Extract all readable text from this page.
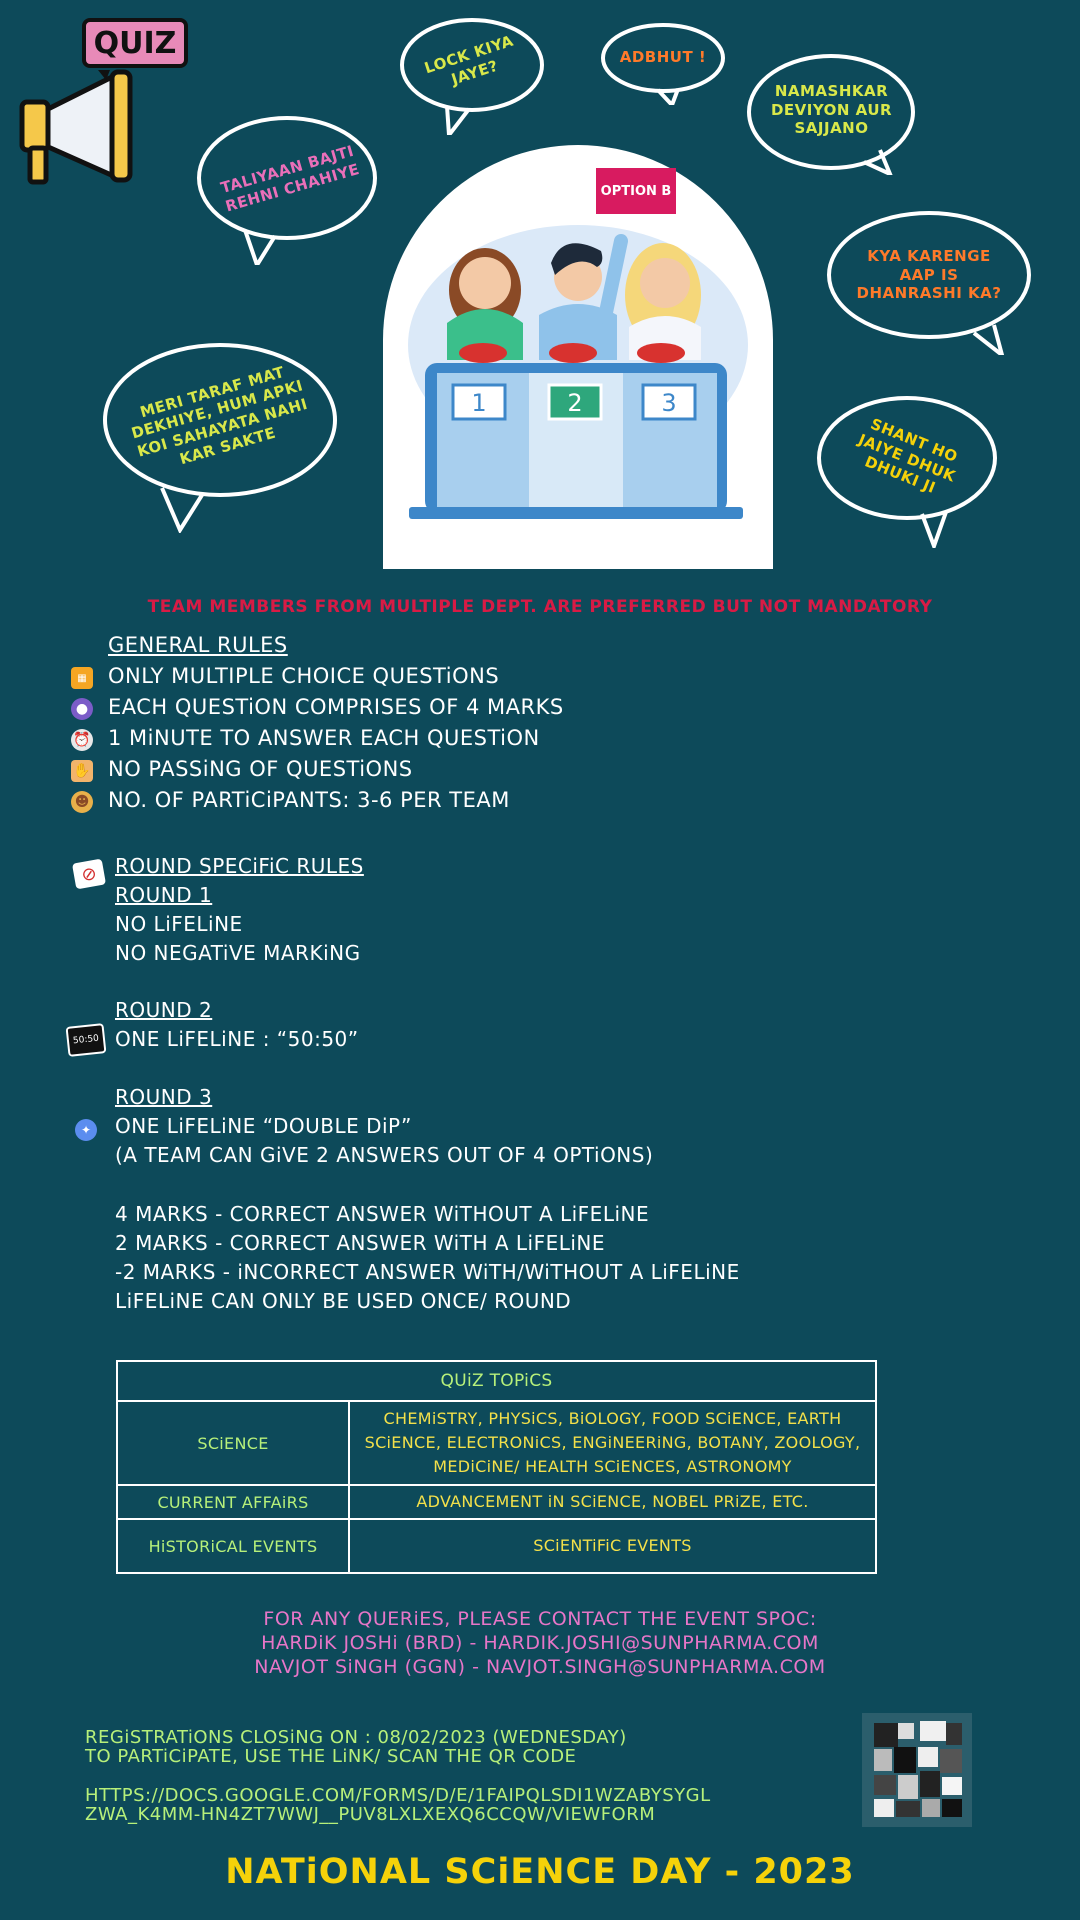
QUIZ	LOCK KIYA JAYE?	ADBHUT !
NAMASHKAR DEVIYON AUR SAJJANO
TALIYAAN BAJTI REHNI CHAHIYE
KYA KARENGE AAP IS DHANRASHI KA?
MERI TARAF MAT DEKHIYE, HUM APKI KOI SAHAYATA NAHI KAR SAKTE	SHANT HO JAIYE DHUK DHUKI JI
1	2	3
OPTION B
TEAM MEMBERS FROM MULTIPLE DEPT. ARE PREFERRED BUT NOT MANDATORY
GENERAL RULES
ONLY MULTIPLE CHOICE QUESTiONS
EACH QUESTiON COMPRISES OF 4 MARKS
1 MiNUTE TO ANSWER EACH QUESTiON
NO PASSiNG OF QUESTiONS
NO. OF PARTiCiPANTS: 3-6 PER TEAM
▦
●
⏰
✋
☻
⊘ ROUND SPECiFiC RULES
ROUND 1
NO LiFELiNE
NO NEGATiVE MARKiNG
50:50
ROUND 2
ONE LiFELiNE : “50:50”
✦
ROUND 3
ONE LiFELiNE “DOUBLE DiP”
(A TEAM CAN GiVE 2 ANSWERS OUT OF 4 OPTiONS)
4 MARKS - CORRECT ANSWER WiTHOUT A LiFELiNE
2 MARKS - CORRECT ANSWER WiTH A LiFELiNE
-2 MARKS - iNCORRECT ANSWER WiTH/WiTHOUT A LiFELiNE
LiFELiNE CAN ONLY BE USED ONCE/ ROUND
QUiZ TOPiCS	
SCiENCE	CHEMiSTRY, PHYSiCS, BiOLOGY, FOOD SCiENCE, EARTH SCiENCE, ELECTRONiCS, ENGiNEERiNG, BOTANY, ZOOLOGY, MEDiCiNE/ HEALTH SCiENCES, ASTRONOMY
CURRENT AFFAiRS	ADVANCEMENT iN SCiENCE, NOBEL PRiZE, ETC.
HiSTORiCAL EVENTS	SCiENTiFiC EVENTS
FOR ANY QUERiES, PLEASE CONTACT THE EVENT SPOC:
HARDiK JOSHi (BRD) - HARDIK.JOSHI@SUNPHARMA.COM
NAVJOT SiNGH (GGN) - NAVJOT.SINGH@SUNPHARMA.COM
REGiSTRATiONS CLOSiNG ON : 08/02/2023 (WEDNESDAY)
TO PARTiCiPATE, USE THE LiNK/ SCAN THE QR CODE
HTTPS://DOCS.GOOGLE.COM/FORMS/D/E/1FAIPQLSDI1WZABYSYGL
ZWA_K4MM-HN4ZT7WWJ__PUV8LXLXEXQ6CCQW/VIEWFORM
NATiONAL SCiENCE DAY - 2023
